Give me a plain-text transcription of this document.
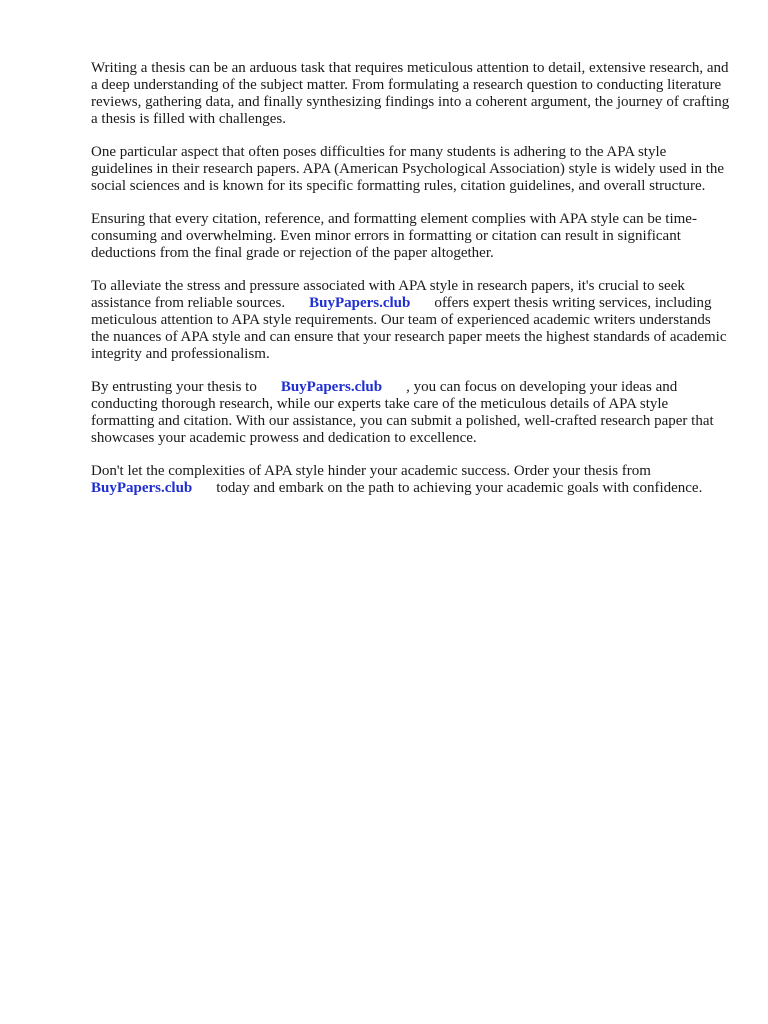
Writing a thesis can be an arduous task that requires meticulous attention to detail, extensive research, and a deep understanding of the subject matter. From formulating a research question to conducting literature reviews, gathering data, and finally synthesizing findings into a coherent argument, the journey of crafting a thesis is filled with challenges.

One particular aspect that often poses difficulties for many students is adhering to the APA style guidelines in their research papers. APA (American Psychological Association) style is widely used in the social sciences and is known for its specific formatting rules, citation guidelines, and overall structure.

Ensuring that every citation, reference, and formatting element complies with APA style can be time-consuming and overwhelming. Even minor errors in formatting or citation can result in significant deductions from the final grade or rejection of the paper altogether.

To alleviate the stress and pressure associated with APA style in research papers, it's crucial to seek assistance from reliable sources. BuyPapers.club offers expert thesis writing services, including meticulous attention to APA style requirements. Our team of experienced academic writers understands the nuances of APA style and can ensure that your research paper meets the highest standards of academic integrity and professionalism.

By entrusting your thesis to BuyPapers.club , you can focus on developing your ideas and conducting thorough research, while our experts take care of the meticulous details of APA style formatting and citation. With our assistance, you can submit a polished, well-crafted research paper that showcases your academic prowess and dedication to excellence.

Don't let the complexities of APA style hinder your academic success. Order your thesis from BuyPapers.club today and embark on the path to achieving your academic goals with confidence.
